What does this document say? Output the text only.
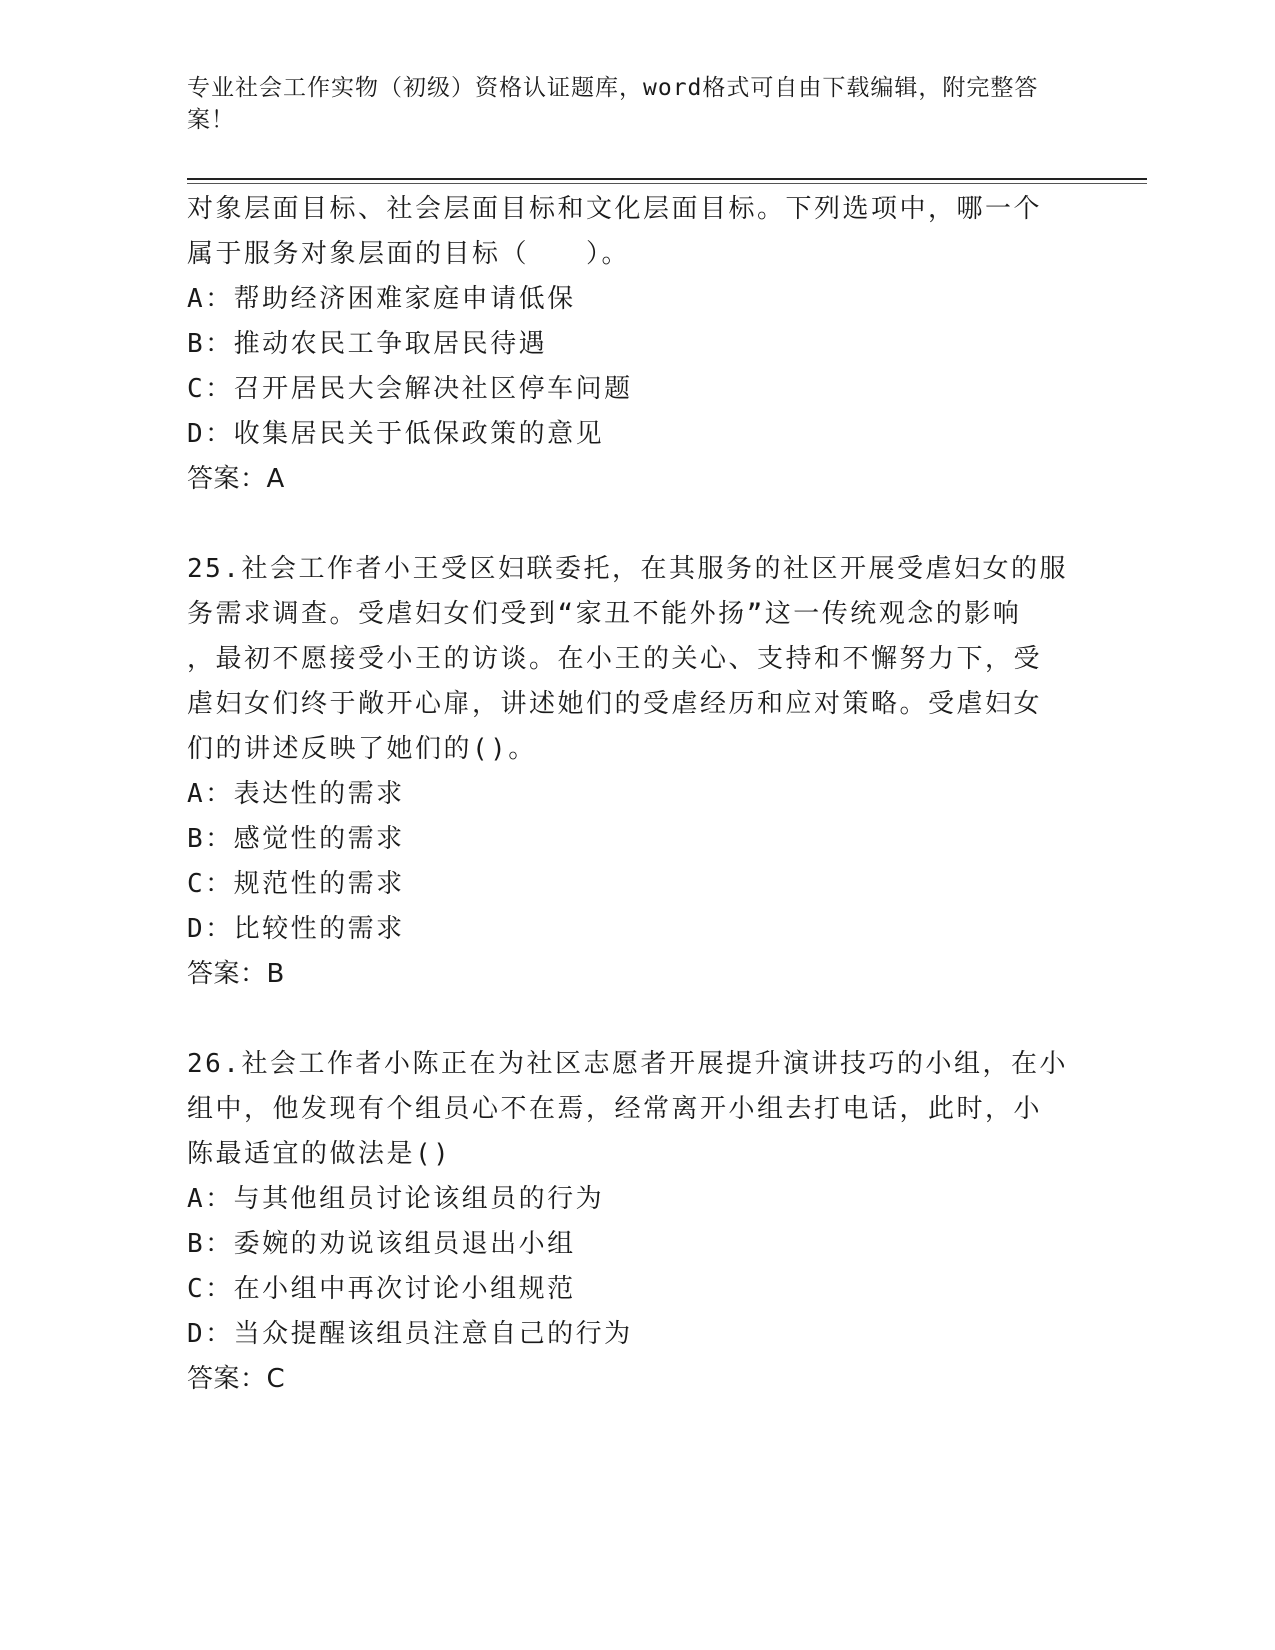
专业社会工作实物（初级）资格认证题库，word格式可自由下载编辑，附完整答
案！
对象层面目标、社会层面目标和文化层面目标。下列选项中，哪一个
属于服务对象层面的目标（　　）。
A：帮助经济困难家庭申请低保
B：推动农民工争取居民待遇
C：召开居民大会解决社区停车问题
D：收集居民关于低保政策的意见
答案：A
25.社会工作者小王受区妇联委托，在其服务的社区开展受虐妇女的服
务需求调查。受虐妇女们受到“家丑不能外扬”这一传统观念的影响
，最初不愿接受小王的访谈。在小王的关心、支持和不懈努力下，受
虐妇女们终于敞开心扉，讲述她们的受虐经历和应对策略。受虐妇女
们的讲述反映了她们的()。
A：表达性的需求
B：感觉性的需求
C：规范性的需求
D：比较性的需求
答案：B
26.社会工作者小陈正在为社区志愿者开展提升演讲技巧的小组，在小
组中，他发现有个组员心不在焉，经常离开小组去打电话，此时，小
陈最适宜的做法是()
A：与其他组员讨论该组员的行为
B：委婉的劝说该组员退出小组
C：在小组中再次讨论小组规范
D：当众提醒该组员注意自己的行为
答案：C
